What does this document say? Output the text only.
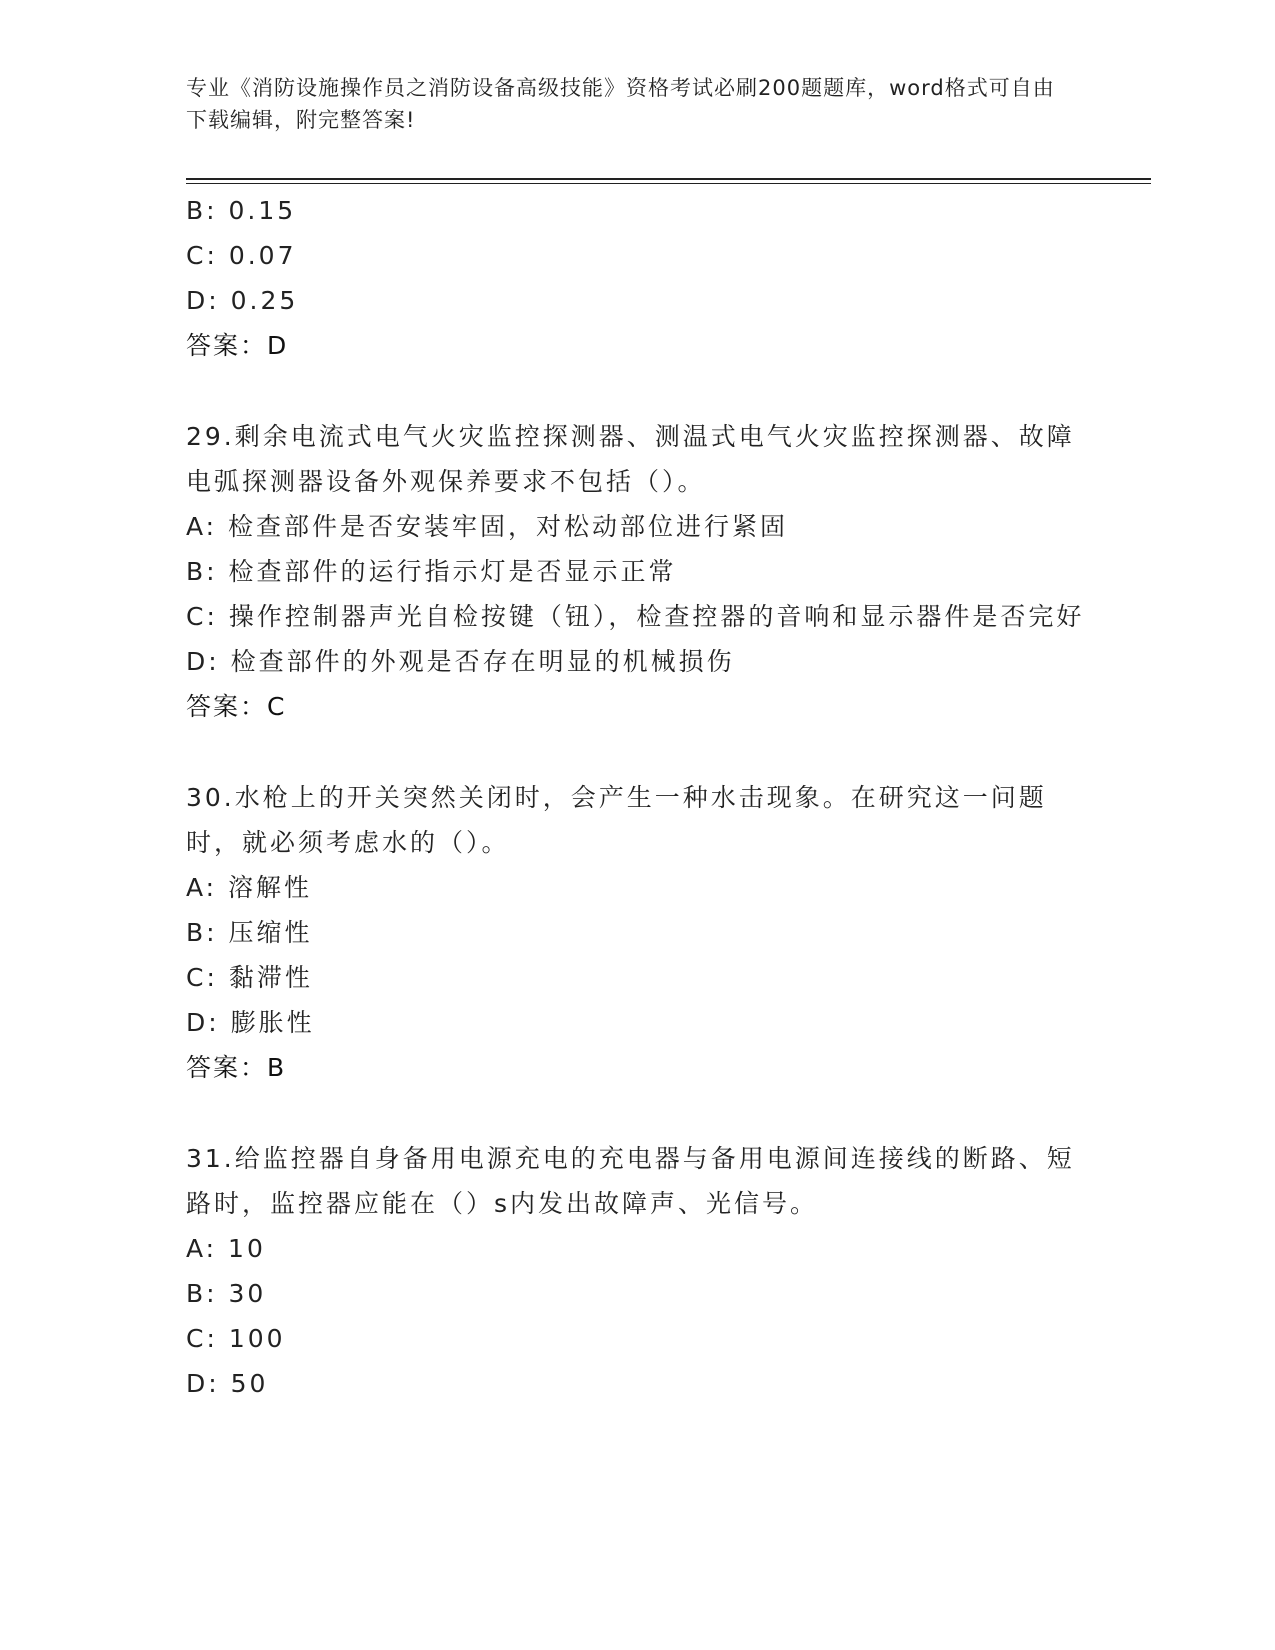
专业《消防设施操作员之消防设备高级技能》资格考试必刷200题题库，word格式可自由下载编辑，附完整答案!
B: 0.15
C: 0.07
D: 0.25
答案：D
29.剩余电流式电气火灾监控探测器、测温式电气火灾监控探测器、故障电弧探测器设备外观保养要求不包括（）。
A: 检查部件是否安装牢固，对松动部位进行紧固
B: 检查部件的运行指示灯是否显示正常
C: 操作控制器声光自检按键（钮），检查控器的音响和显示器件是否完好
D: 检查部件的外观是否存在明显的机械损伤
答案：C
30.水枪上的开关突然关闭时，会产生一种水击现象。在研究这一问题时，就必须考虑水的（）。
A: 溶解性
B: 压缩性
C: 黏滞性
D: 膨胀性
答案：B
31.给监控器自身备用电源充电的充电器与备用电源间连接线的断路、短路时，监控器应能在（）s内发出故障声、光信号。
A: 10
B: 30
C: 100
D: 50
